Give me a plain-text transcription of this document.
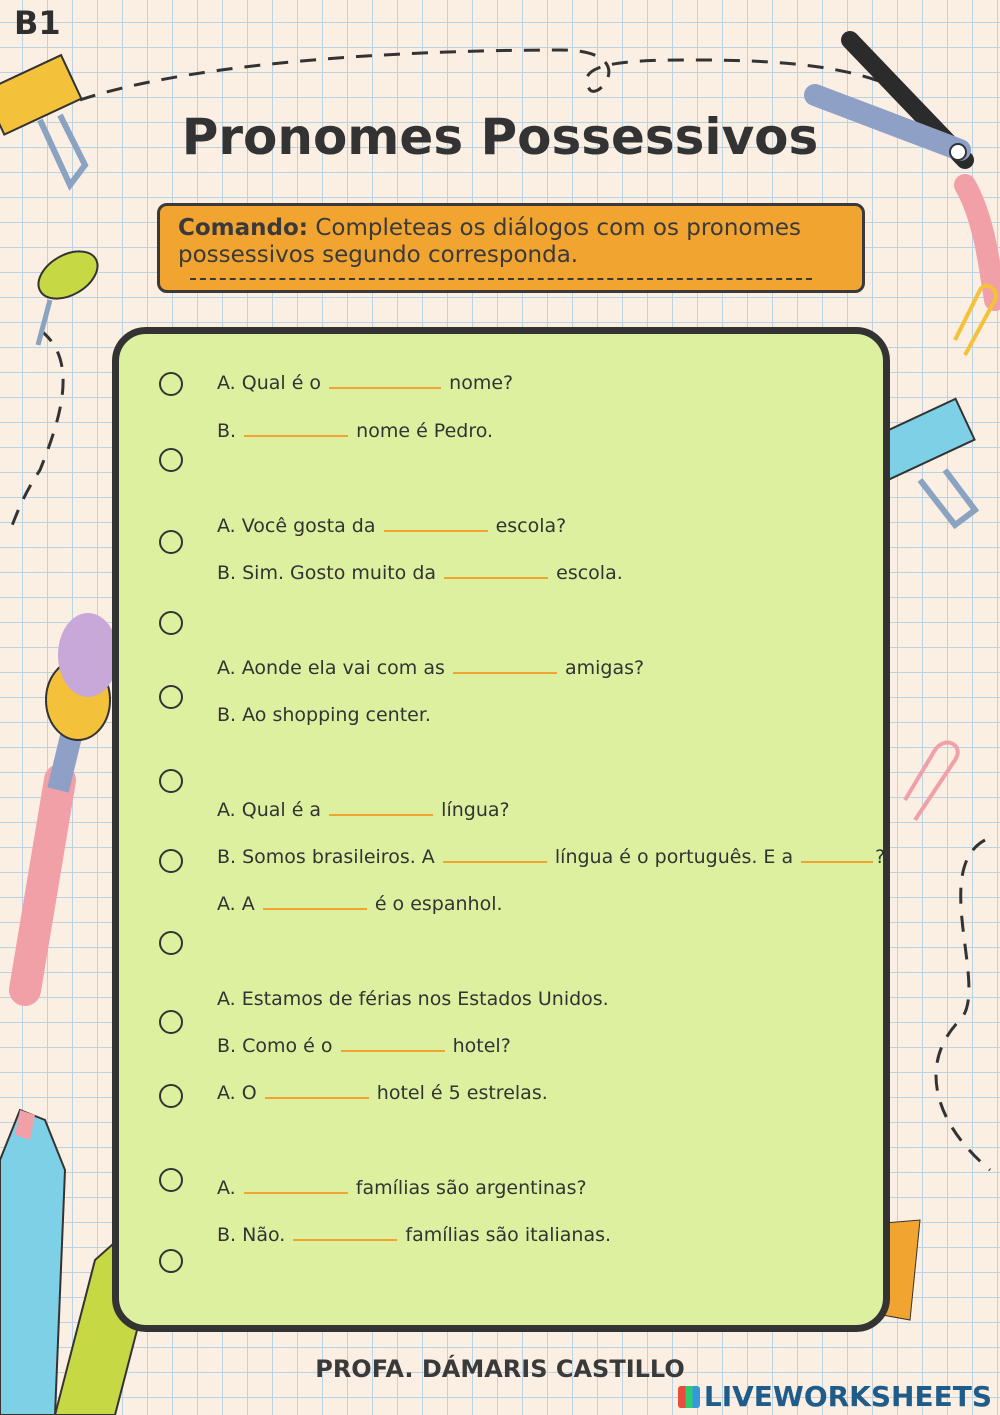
B1
Pronomes Possessivos
Comando: Completeas os diálogos com os pronomes possessivos segundo corresponda.
A. Qual é o	nome?
B.	nome é Pedro.
A. Você gosta da	escola?
B. Sim. Gosto muito da	escola.
A. Aonde ela vai com as	amigas?
B. Ao shopping center.
A. Qual é a	língua?
B. Somos brasileiros. A	língua é o português. E a	?
A. A	é o espanhol.
A. Estamos de férias nos Estados Unidos.
B. Como é o	hotel?
A. O	hotel é 5 estrelas.
A.	famílias são argentinas?
B. Não.	famílias são italianas.
PROFA. DÁMARIS CASTILLO
LIVEWORKSHEETS
